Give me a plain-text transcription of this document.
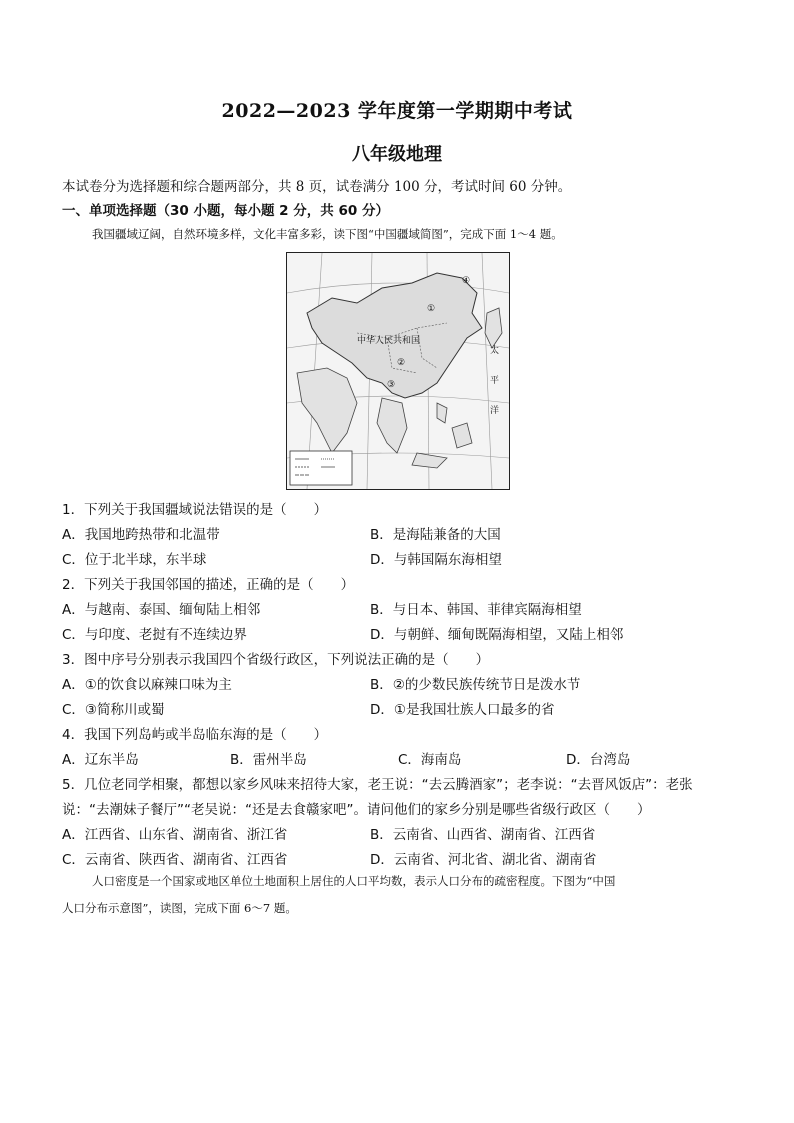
2022—2023 学年度第一学期期中考试
八年级地理
本试卷分为选择题和综合题两部分，共 8 页，试卷满分 100 分，考试时间 60 分钟。
一、单项选择题（30 小题，每小题 2 分，共 60 分）
我国疆域辽阔，自然环境多样，文化丰富多彩，读下图“中国疆域简图”，完成下面 1～4 题。
中华人民共和国
①
②
③
④
太
平
洋
1．下列关于我国疆域说法错误的是（　　）
A．我国地跨热带和北温带	B．是海陆兼备的大国
C．位于北半球，东半球	D．与韩国隔东海相望
2．下列关于我国邻国的描述，正确的是（　　）
A．与越南、泰国、缅甸陆上相邻	B．与日本、韩国、菲律宾隔海相望
C．与印度、老挝有不连续边界	D．与朝鲜、缅甸既隔海相望，又陆上相邻
3．图中序号分别表示我国四个省级行政区，下列说法正确的是（　　）
A．①的饮食以麻辣口味为主	B．②的少数民族传统节日是泼水节
C．③简称川或蜀	D．①是我国壮族人口最多的省
4．我国下列岛屿或半岛临东海的是（　　）
A．辽东半岛	B．雷州半岛	C．海南岛	D．台湾岛
5．几位老同学相聚，都想以家乡风味来招待大家，老王说：“去云腾酒家”；老李说：“去晋风饭店”：老张
说：“去潮妹子餐厅”“老吴说：“还是去食赣家吧”。请问他们的家乡分别是哪些省级行政区（　　）
A．江西省、山东省、湖南省、浙江省	B．云南省、山西省、湖南省、江西省
C．云南省、陕西省、湖南省、江西省	D．云南省、河北省、湖北省、湖南省
人口密度是一个国家或地区单位土地面积上居住的人口平均数，表示人口分布的疏密程度。下图为“中国
人口分布示意图”，读图，完成下面 6～7 题。
